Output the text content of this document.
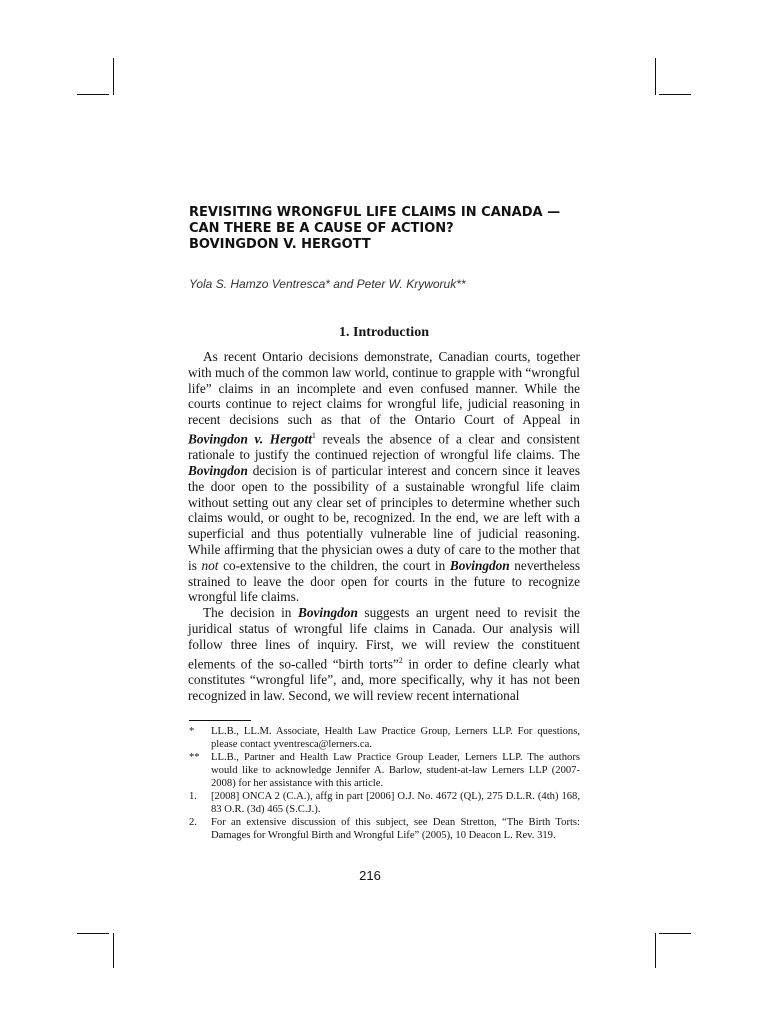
REVISITING WRONGFUL LIFE CLAIMS IN CANADA —
CAN THERE BE A CAUSE OF ACTION?
BOVINGDON V. HERGOTT
Yola S. Hamzo Ventresca* and Peter W. Kryworuk**
1. Introduction

As recent Ontario decisions demonstrate, Canadian courts, together with much of the common law world, continue to grapple with “wrongful life” claims in an incomplete and even confused manner. While the courts continue to reject claims for wrongful life, judicial reasoning in recent decisions such as that of the Ontario Court of Appeal in Bovingdon v. Hergott$^1$ reveals the absence of a clear and consistent rationale to justify the continued rejection of wrongful life claims. The Bovingdon decision is of particular interest and concern since it leaves the door open to the possibility of a sustainable wrongful life claim without setting out any clear set of principles to determine whether such claims would, or ought to be, recognized. In the end, we are left with a superficial and thus potentially vulnerable line of judicial reasoning. While affirming that the physician owes a duty of care to the mother that is not co-extensive to the children, the court in Bovingdon nevertheless strained to leave the door open for courts in the future to recognize wrongful life claims.

The decision in Bovingdon suggests an urgent need to revisit the juridical status of wrongful life claims in Canada. Our analysis will follow three lines of inquiry. First, we will review the constituent elements of the so-called “birth torts”$^2$ in order to define clearly what constitutes “wrongful life”, and, more specifically, why it has not been recognized in law. Second, we will review recent international

*	LL.B., LL.M. Associate, Health Law Practice Group, Lerners LLP. For questions, please contact yventresca@lerners.ca.
**	LL.B., Partner and Health Law Practice Group Leader, Lerners LLP. The authors would like to acknowledge Jennifer A. Barlow, student-at-law Lerners LLP (2007-2008) for her assistance with this article.
1.	[2008] ONCA 2 (C.A.), affg in part [2006] O.J. No. 4672 (QL), 275 D.L.R. (4th) 168, 83 O.R. (3d) 465 (S.C.J.).
2.	For an extensive discussion of this subject, see Dean Stretton, “The Birth Torts: Damages for Wrongful Birth and Wrongful Life” (2005), 10 Deacon L. Rev. 319.
216
